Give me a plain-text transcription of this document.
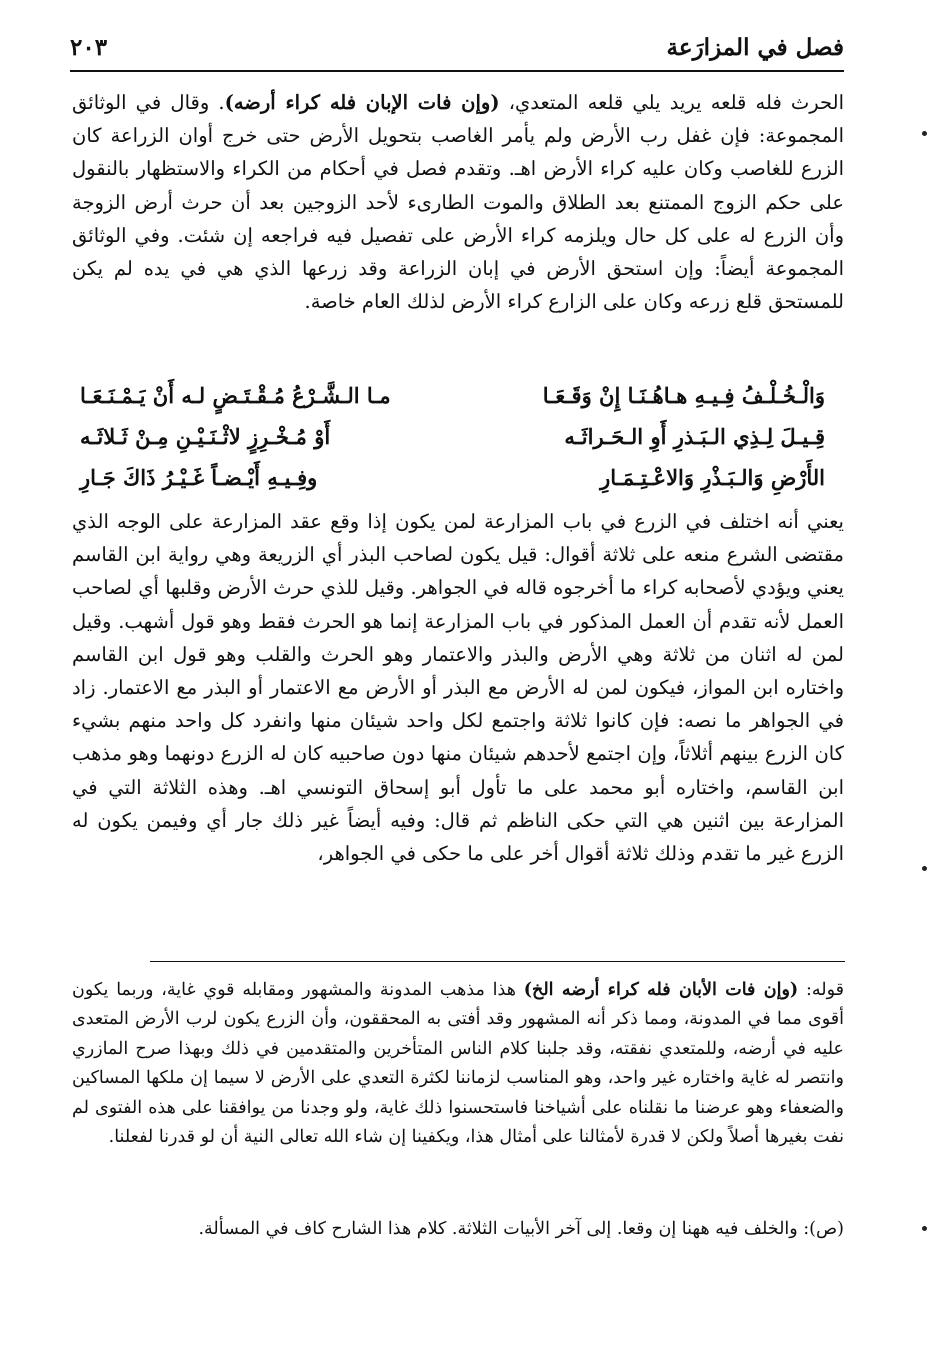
فصل في المزارَعة
٢٠٣

الحرث فله قلعه يريد يلي قلعه المتعدي، (وإن فات الإبان فله كراء أرضه). وقال في الوثائق المجموعة: فإن غفل رب الأرض ولم يأمر الغاصب بتحويل الأرض حتى خرج أوان الزراعة كان الزرع للغاصب وكان عليه كراء الأرض اهـ. وتقدم فصل في أحكام من الكراء والاستظهار بالنقول على حكم الزوج الممتنع بعد الطلاق والموت الطارىء لأحد الزوجين بعد أن حرث أرض الزوجة وأن الزرع له على كل حال ويلزمه كراء الأرض على تفصيل فيه فراجعه إن شئت. وفي الوثائق المجموعة أيضاً: وإن استحق الأرض في إبان الزراعة وقد زرعها الذي هي في يده لم يكن للمستحق قلع زرعه وكان على الزارع كراء الأرض لذلك العام خاصة.

وَالْـخُـلْـفُ فِـيـهِ هـاهُـنَـا إِنْ وَقَـعَـا
مـا الـشَّـرْعُ مُـقْـتَـضٍ لـه أَنْ يَـمْـنَـعَـا
قِـيـلَ لِـذِي الـبَـذرِ أَوِ الـحَـراثَـه
أَوْ مُـخْـرِزٍ لاثْـنَـيْـنِ مِـنْ ثَـلاثَـه
الأَرْضِ وَالـبَـذْرِ وَالاعْـتِـمَـارِ
وفِـيـهِ أَيْـضـاً غَـيْـرُ ذَاكَ جَـارِ

يعني أنه اختلف في الزرع في باب المزارعة لمن يكون إذا وقع عقد المزارعة على الوجه الذي مقتضى الشرع منعه على ثلاثة أقوال: قيل يكون لصاحب البذر أي الزريعة وهي رواية ابن القاسم يعني ويؤدي لأصحابه كراء ما أخرجوه قاله في الجواهر. وقيل للذي حرث الأرض وقلبها أي لصاحب العمل لأنه تقدم أن العمل المذكور في باب المزارعة إنما هو الحرث فقط وهو قول أشهب. وقيل لمن له اثنان من ثلاثة وهي الأرض والبذر والاعتمار وهو الحرث والقلب وهو قول ابن القاسم واختاره ابن المواز، فيكون لمن له الأرض مع البذر أو الأرض مع الاعتمار أو البذر مع الاعتمار. زاد في الجواهر ما نصه: فإن كانوا ثلاثة واجتمع لكل واحد شيئان منها وانفرد كل واحد منهم بشيء كان الزرع بينهم أثلاثاً، وإن اجتمع لأحدهم شيئان منها دون صاحبيه كان له الزرع دونهما وهو مذهب ابن القاسم، واختاره أبو محمد على ما تأول أبو إسحاق التونسي اهـ. وهذه الثلاثة التي في المزارعة بين اثنين هي التي حكى الناظم ثم قال: وفيه أيضاً غير ذلك جار أي وفيمن يكون له الزرع غير ما تقدم وذلك ثلاثة أقوال أخر على ما حكى في الجواهر،

قوله: (وإن فات الأبان فله كراء أرضه الخ) هذا مذهب المدونة والمشهور ومقابله قوي غاية، وربما يكون أقوى مما في المدونة، ومما ذكر أنه المشهور وقد أفتى به المحققون، وأن الزرع يكون لرب الأرض المتعدى عليه في أرضه، وللمتعدي نفقته، وقد جلبنا كلام الناس المتأخرين والمتقدمين في ذلك وبهذا صرح المازري وانتصر له غاية واختاره غير واحد، وهو المناسب لزماننا لكثرة التعدي على الأرض لا سيما إن ملكها المساكين والضعفاء وهو عرضنا ما نقلناه على أشياخنا فاستحسنوا ذلك غاية، ولو وجدنا من يوافقنا على هذه الفتوى لم نفت بغيرها أصلاً ولكن لا قدرة لأمثالنا على أمثال هذا، ويكفينا إن شاء الله تعالى النية أن لو قدرنا لفعلنا.
(ص): والخلف فيه ههنا إن وقعا. إلى آخر الأبيات الثلاثة. كلام هذا الشارح كاف في المسألة.
